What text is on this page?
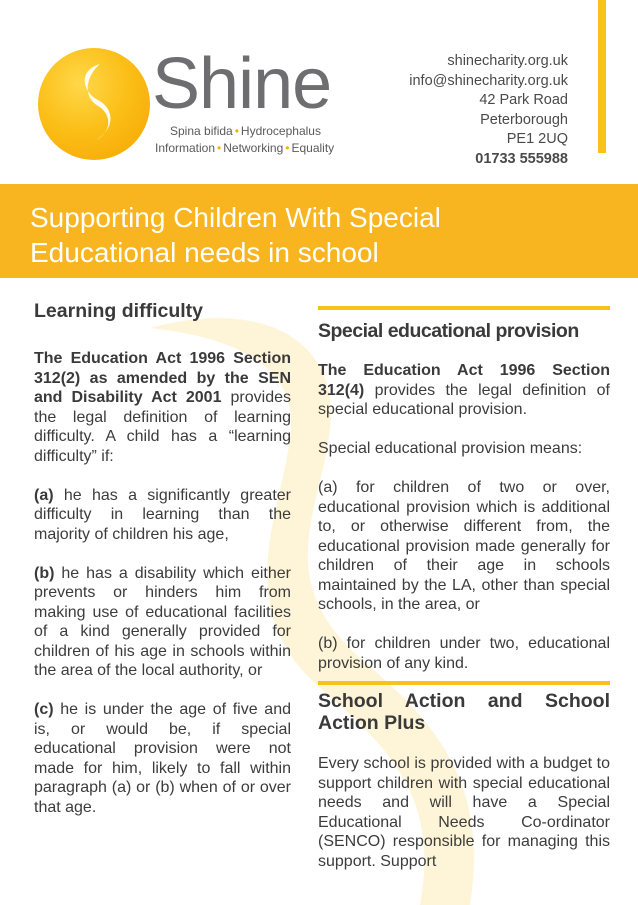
Shine
Spina bifida • Hydrocephalus
Information • Networking • Equality
shinecharity.org.uk
info@shinecharity.org.uk
42 Park Road
Peterborough
PE1 2UQ
01733 555988
Supporting Children With Special
Educational needs in school
Learning difficulty

The Education Act 1996 Section 312(2) as amended by the SEN and Disability Act 2001 provides the legal definition of learning difficulty. A child has a “learning difficulty” if:

(a) he has a significantly greater difficulty in learning than the majority of children his age,

(b) he has a disability which either prevents or hinders him from making use of educational facilities of a kind generally provided for children of his age in schools within the area of the local authority, or

(c) he is under the age of five and is, or would be, if special educational provision were not made for him, likely to fall within paragraph (a) or (b) when of or over that age.

Special educational provision

The Education Act 1996 Section 312(4) provides the legal definition of special educational provision.

Special educational provision means:

(a) for children of two or over, educational provision which is additional to, or otherwise different from, the educational provision made generally for children of their age in schools maintained by the LA, other than special schools, in the area, or

(b) for children under two, educational provision of any kind.

School Action and School Action Plus

Every school is provided with a budget to support children with special educational needs and will have a Special Educational Needs Co-ordinator (SENCO) responsible for managing this support. Support
